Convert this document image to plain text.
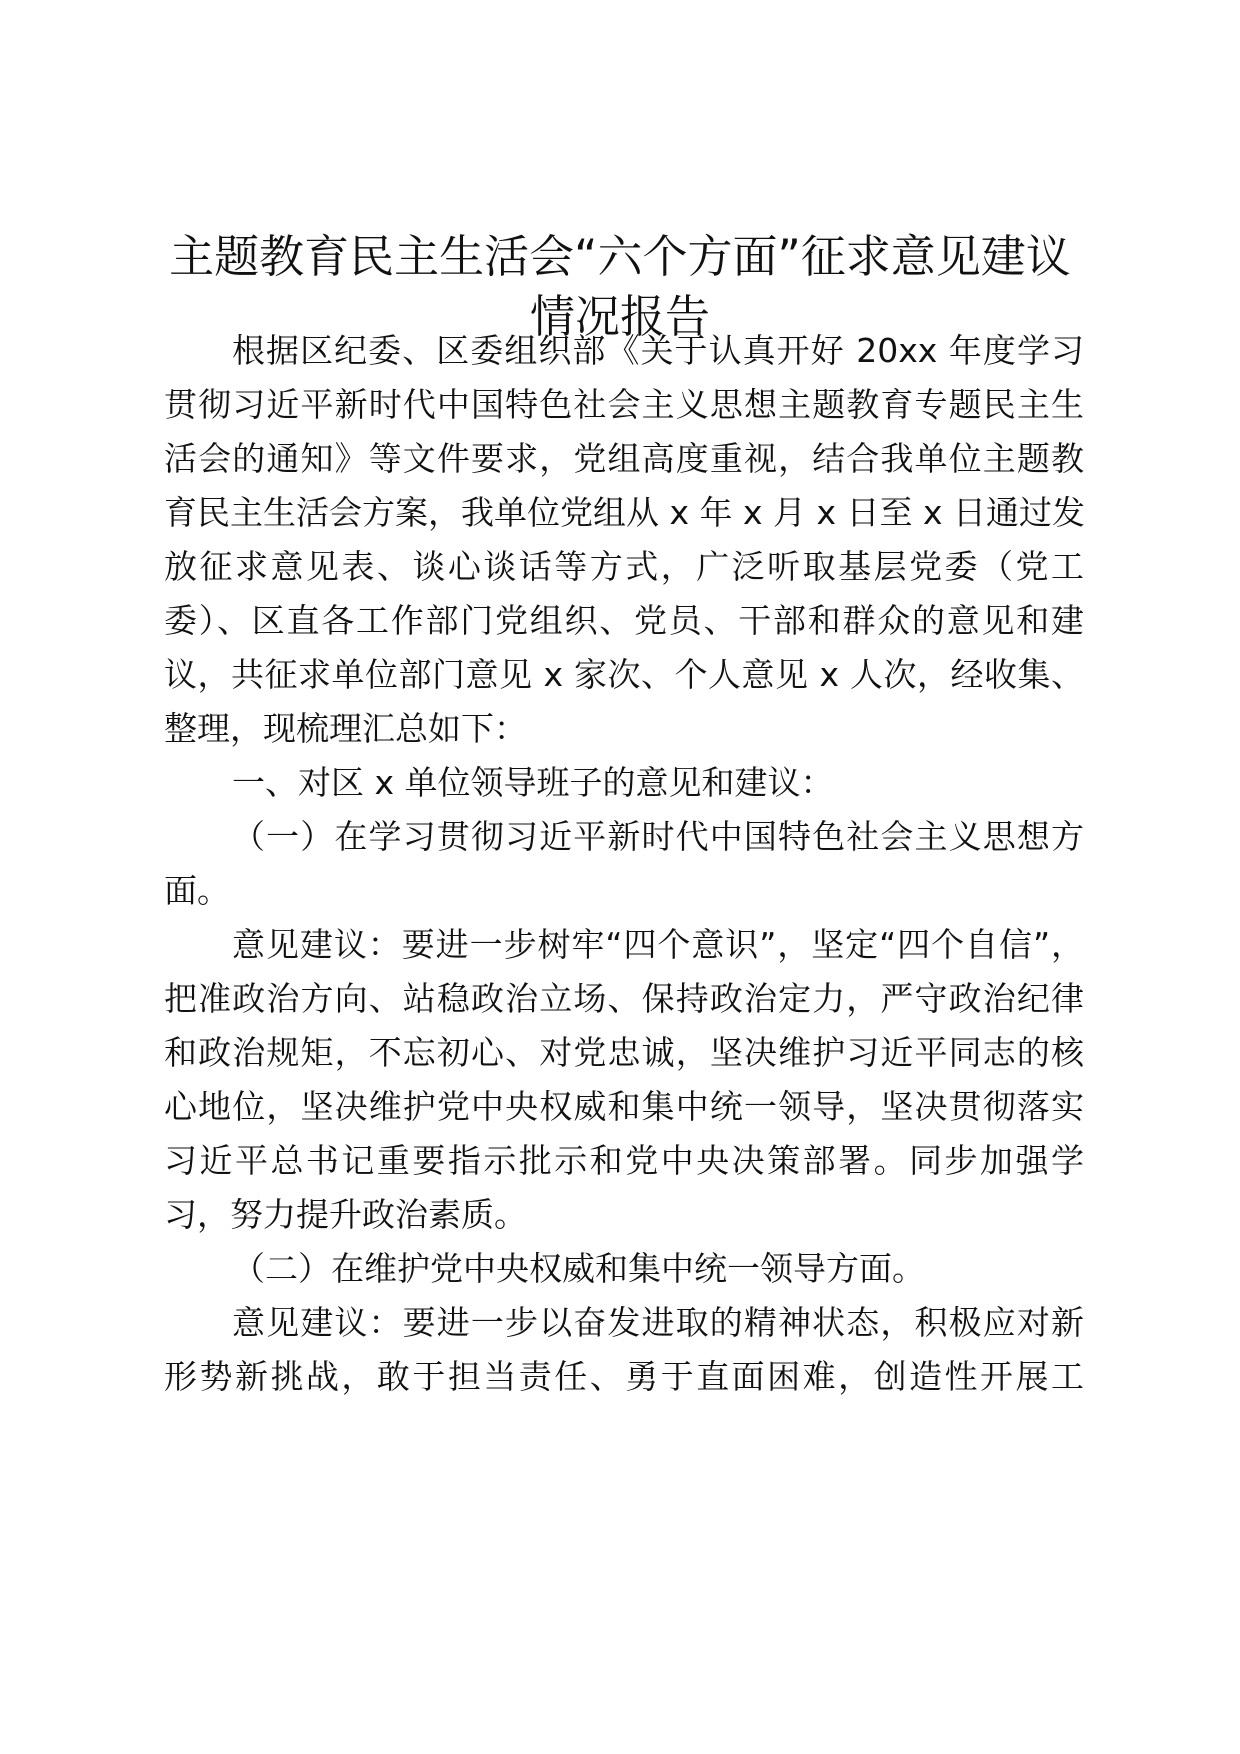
主题教育民主生活会“六个方面”征求意见建议
情况报告
根据区纪委、区委组织部《关于认真开好 20xx 年度学习
贯彻习近平新时代中国特色社会主义思想主题教育专题民主生
活会的通知》等文件要求，党组高度重视，结合我单位主题教
育民主生活会方案，我单位党组从 x 年 x 月 x 日至 x 日通过发
放征求意见表、谈心谈话等方式，广泛听取基层党委（党工
委）、区直各工作部门党组织、党员、干部和群众的意见和建
议，共征求单位部门意见 x 家次、个人意见 x 人次，经收集、
整理，现梳理汇总如下：
一、对区 x 单位领导班子的意见和建议：
（一）在学习贯彻习近平新时代中国特色社会主义思想方
面。
意见建议：要进一步树牢“四个意识”，坚定“四个自信”，
把准政治方向、站稳政治立场、保持政治定力，严守政治纪律
和政治规矩，不忘初心、对党忠诚，坚决维护习近平同志的核
心地位，坚决维护党中央权威和集中统一领导，坚决贯彻落实
习近平总书记重要指示批示和党中央决策部署。同步加强学
习，努力提升政治素质。
（二）在维护党中央权威和集中统一领导方面。
意见建议：要进一步以奋发进取的精神状态，积极应对新
形势新挑战，敢于担当责任、勇于直面困难，创造性开展工
